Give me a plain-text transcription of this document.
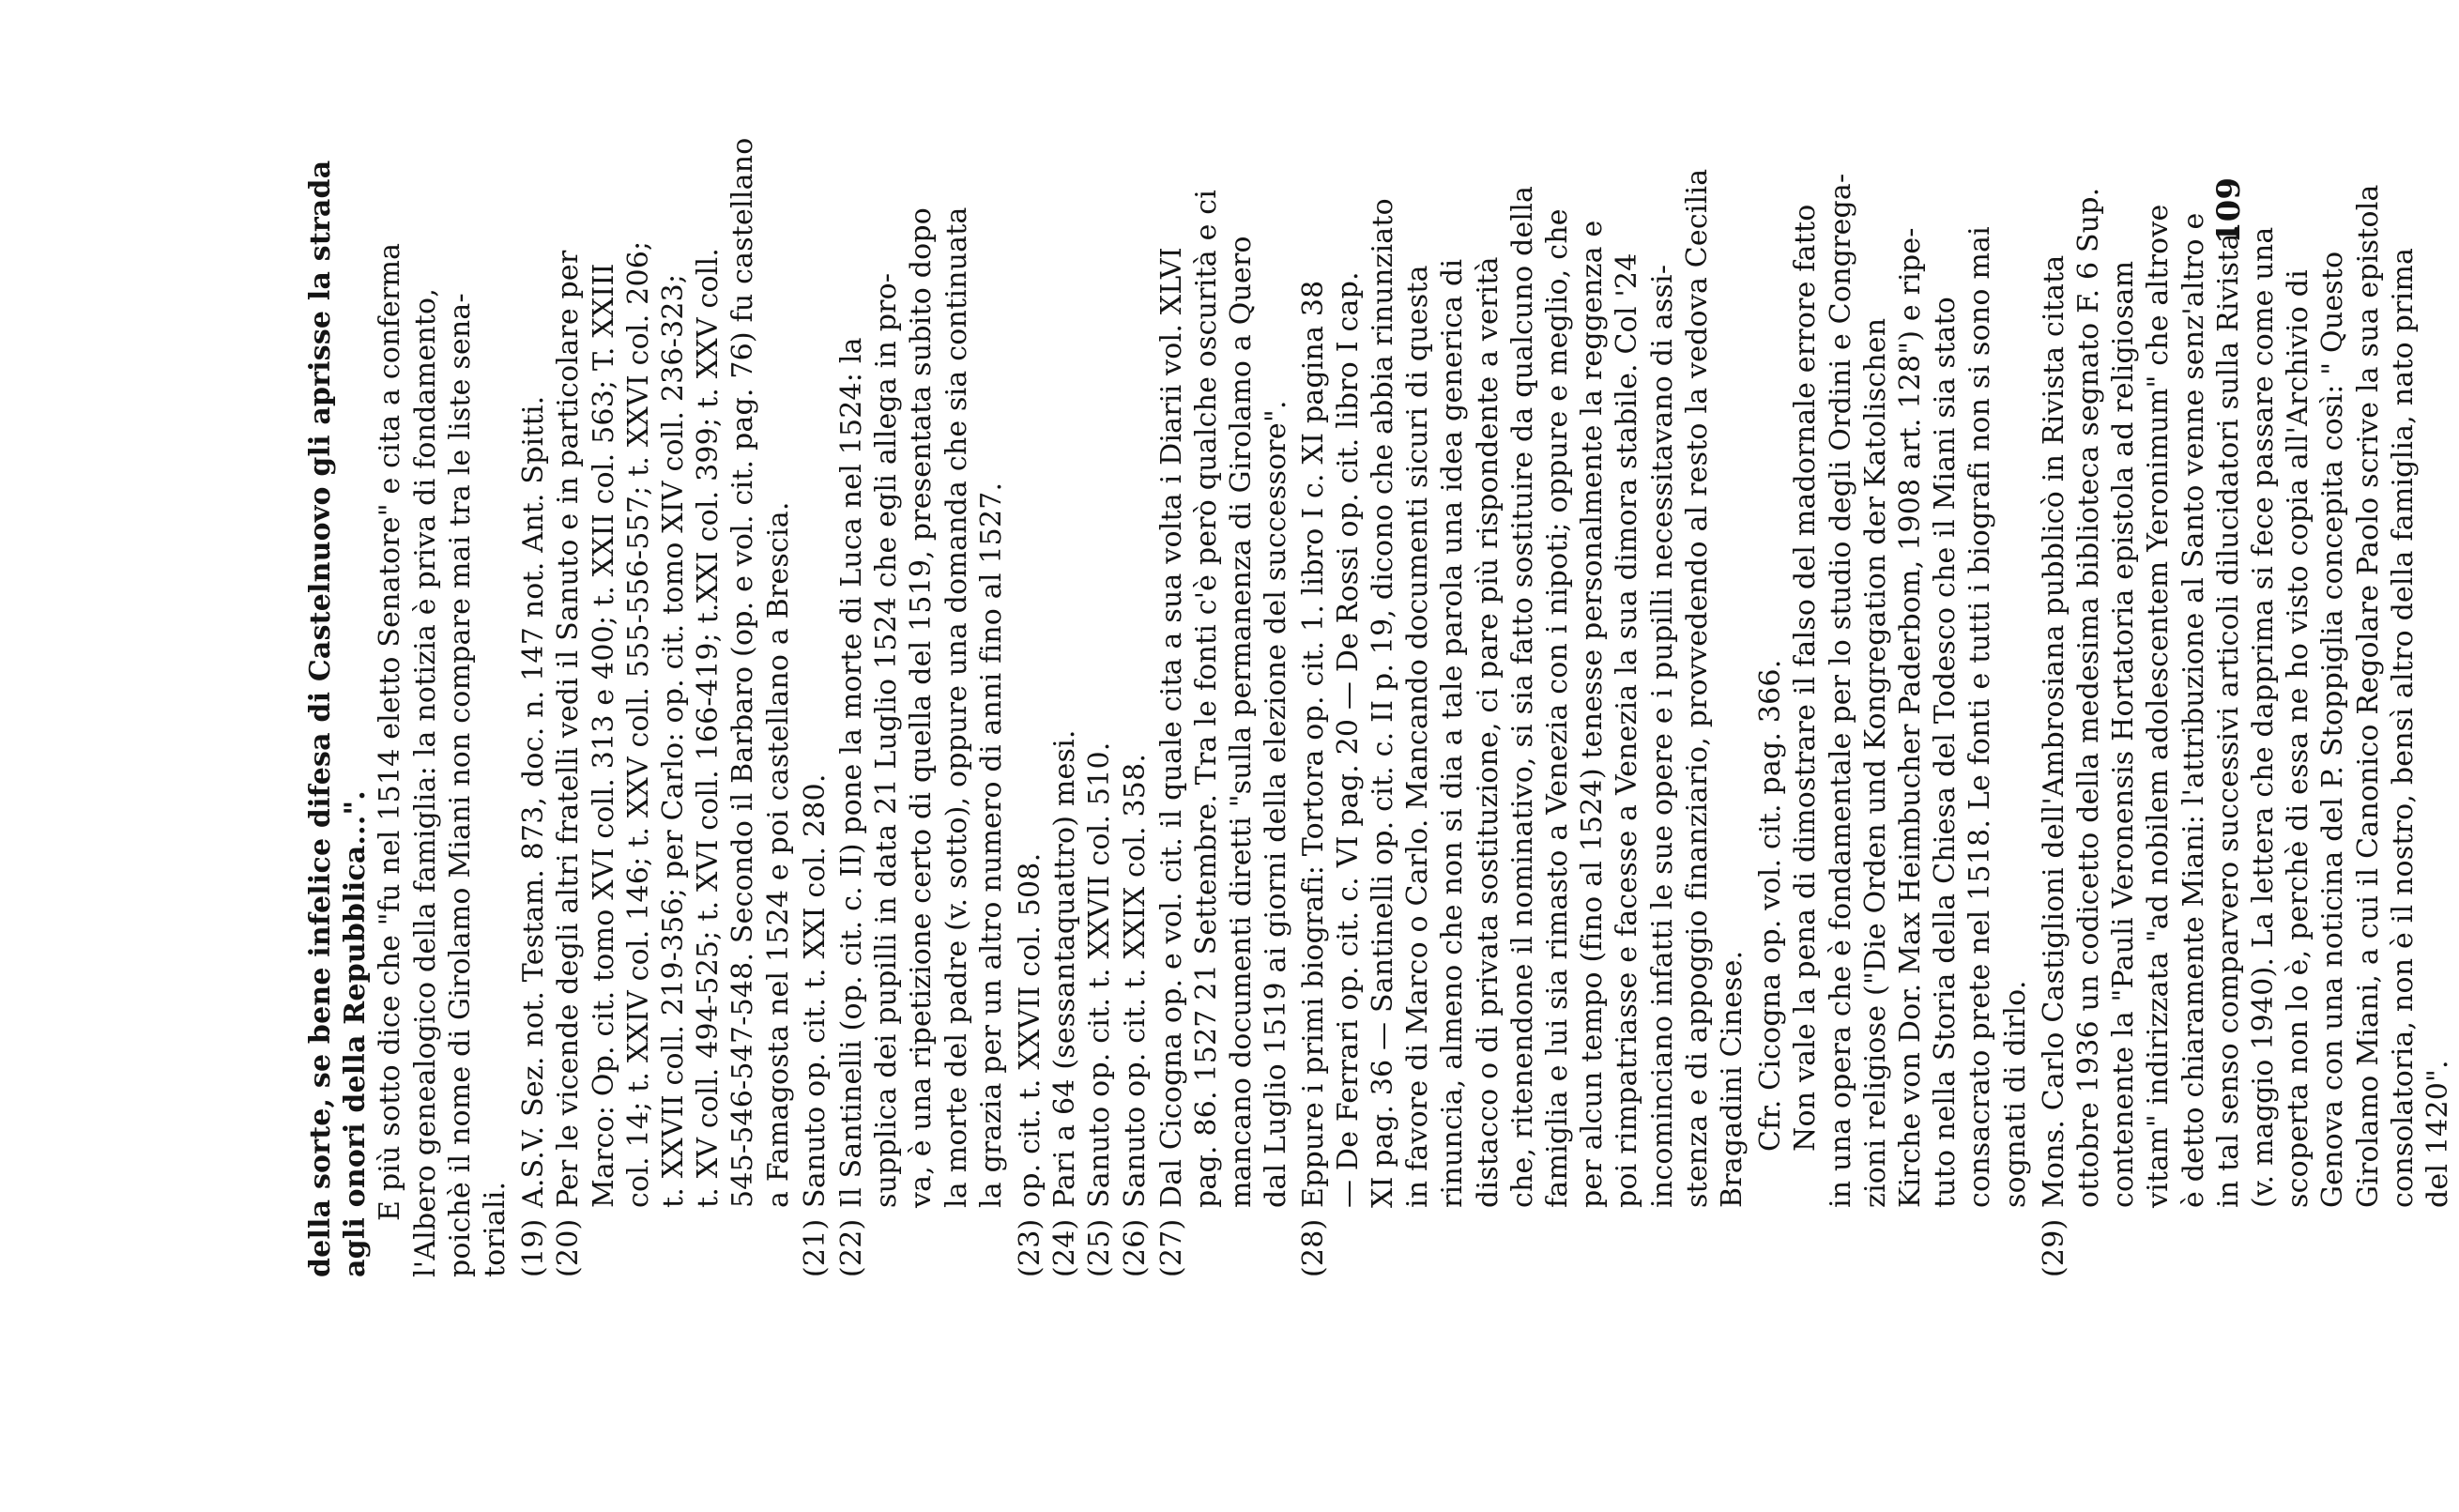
della sorte, se bene infelice difesa di Castelnuovo gli aprisse la strada agli onori della Repubblica...". E più sotto dice che "fu nel 1514 eletto Senatore" e cita a conferma l'Albero genealogico della famiglia: la notizia è priva di fondamento, poichè il nome di Girolamo Miani non compare mai tra le liste sena- toriali. (19)
A.S.V. Sez. not. Testam. 873, doc. n. 147 not. Ant. Spitti.
(20)
Per le vicende degli altri fratelli vedi il Sanuto e in particolare per Marco: Op. cit. tomo XVI coll. 313 e 400; t. XXII col. 563; T. XXIII col. 14; t. XXIV col. 146; t. XXV coll. 555-556-557; t. XXVI col. 206; t. XXVII coll. 219-356; per Carlo: op. cit. tomo XIV coll. 236-323; t. XV coll. 494-525; t. XVI coll. 166-419; t.XXI col. 399; t. XXV coll. 545-546-547-548. Secondo il Barbaro (op. e vol. cit. pag. 76) fu castellano a Famagosta nel 1524 e poi castellano a Brescia.
(21)
Sanuto op. cit. t. XXI col. 280.
(22)
Il Santinelli (op. cit. c. II) pone la morte di Luca nel 1524: la supplica dei pupilli in data 21 Luglio 1524 che egli allega in pro- va, è una ripetizione certo di quella del 1519, presentata subito dopo la morte del padre (v. sotto), oppure una domanda che sia continuata la grazia per un altro numero di anni fino al 1527.
(23)
op. cit. t. XXVII col. 508.
(24)
Pari a 64 (sessantaquattro) mesi.
(25)
Sanuto op. cit. t. XXVII col. 510.
(26)
Sanuto op. cit. t. XXIX col. 358.
(27)
Dal Cicogna op. e vol. cit. il quale cita a sua volta i Diarii vol. XLVI pag. 86. 1527 21 Settembre. Tra le fonti c'è però qualche oscurità e ci mancano documenti diretti "sulla permanenza di Girolamo a Quero dal Luglio 1519 ai giorni della elezione del successore".
(28)
Eppure i primi biografi: Tortora op. cit. 1. libro I c. XI pagina 38 — De Ferrari op. cit. c. VI pag. 20 — De Rossi op. cit. libro I cap. XI pag. 36 — Santinelli op. cit. c. II p. 19, dicono che abbia rinunziato in favore di Marco o Carlo. Mancando documenti sicuri di questa rinuncia, almeno che non si dia a tale parola una idea generica di distacco o di privata sostituzione, ci pare più rispondente a verità che, ritenendone il nominativo, si sia fatto sostituire da qualcuno della famiglia e lui sia rimasto a Venezia con i nipoti; oppure e meglio, che per alcun tempo (fino al 1524) tenesse personalmente la reggenza e poi rimpatriasse e facesse a Venezia la sua dimora stabile. Col '24 incominciano infatti le sue opere e i pupilli necessitavano di assi- stenza e di appoggio finanziario, provvedendo al resto la vedova Cecilia Bragadini Cinese. Cfr. Cicogna op. vol. cit. pag. 366. Non vale la pena di dimostrare il falso del madornale errore fatto in una opera che è fondamentale per lo studio degli Ordini e Congrega- zioni religiose ("Die Orden und Kongregation der Katolischen Kirche von Dor. Max Heimbucher Paderbom, 1908 art. 128") e ripe- tuto nella Storia della Chiesa del Todesco che il Miani sia stato consacrato prete nel 1518. Le fonti e tutti i biografi non si sono mai sognati di dirlo.
(29)
Mons. Carlo Castiglioni dell'Ambrosiana pubblicò in Rivista citata ottobre 1936 un codicetto della medesima biblioteca segnato F. 6 Sup. contenente la "Pauli Veronensis Hortatoria epistola ad religiosam vitam" indirizzata "ad nobilem adolescentem Yeronimum" che altrove è detto chiaramente Miani: l'attribuzione al Santo venne senz'altro e in tal senso comparvero successivi articoli dilucidatori sulla Rivista. (v. maggio 1940). La lettera che dapprima si fece passare come una scoperta non lo è, perchè di essa ne ho visto copia all'Archivio di Genova con una noticina del P. Stoppiglia concepita così: " Questo Girolamo Miani, a cui il Canonico Regolare Paolo scrive la sua epistola consolatoria, non è il nostro, bensì altro della famiglia, nato prima del 1420".
109
